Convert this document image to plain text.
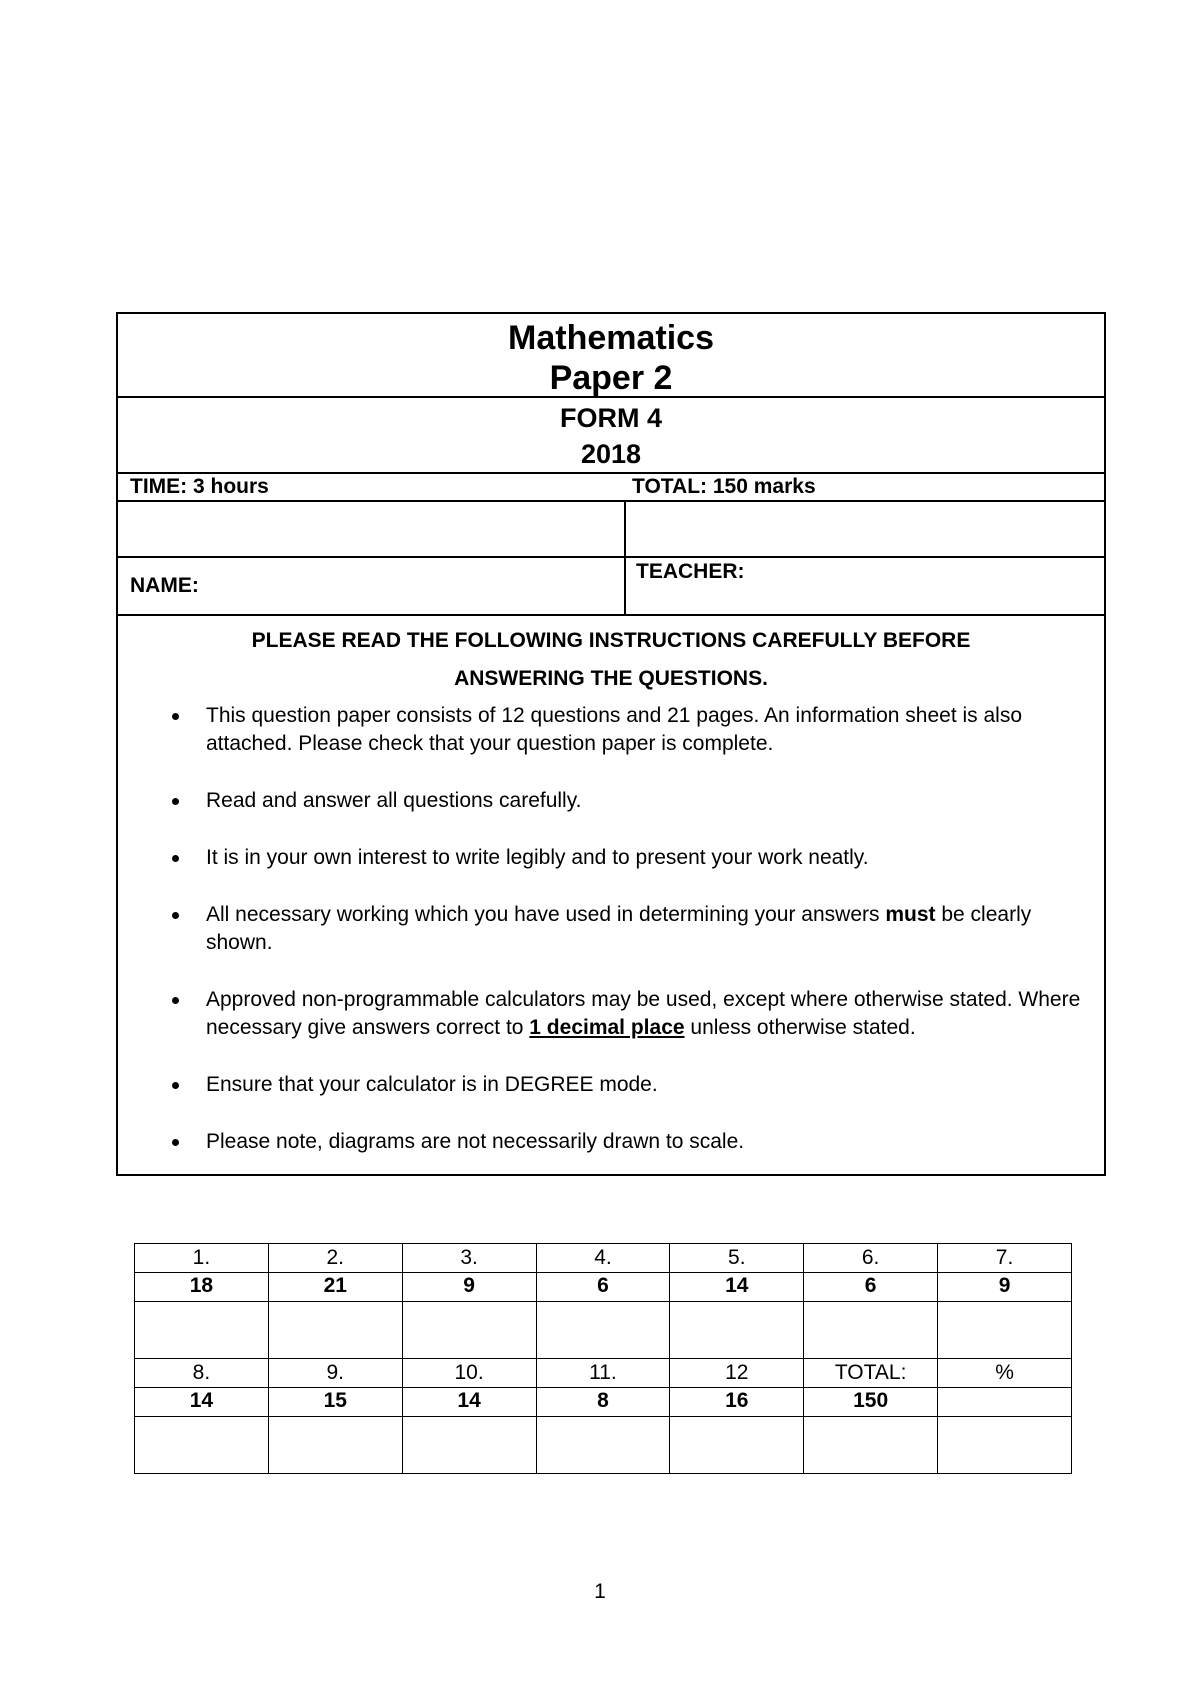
Mathematics
Paper 2
FORM 4
2018
TIME: 3 hours	TOTAL: 150 marks
NAME:
TEACHER:
PLEASE READ THE FOLLOWING INSTRUCTIONS CAREFULLY BEFORE
ANSWERING THE QUESTIONS.
This question paper consists of 12 questions and 21 pages. An information sheet is also attached. Please check that your question paper is complete.
Read and answer all questions carefully.
It is in your own interest to write legibly and to present your work neatly.
All necessary working which you have used in determining your answers must be clearly shown.
Approved non-programmable calculators may be used, except where otherwise stated. Where necessary give answers correct to 1 decimal place unless otherwise stated.
Ensure that your calculator is in DEGREE mode.
Please note, diagrams are not necessarily drawn to scale.
1.	2.	3.	4.	5.	6.	7.
18	21	9	6	14	6	9

8.	9.	10.	11.	12	TOTAL:	%
14	15	14	8	16	150	

1
